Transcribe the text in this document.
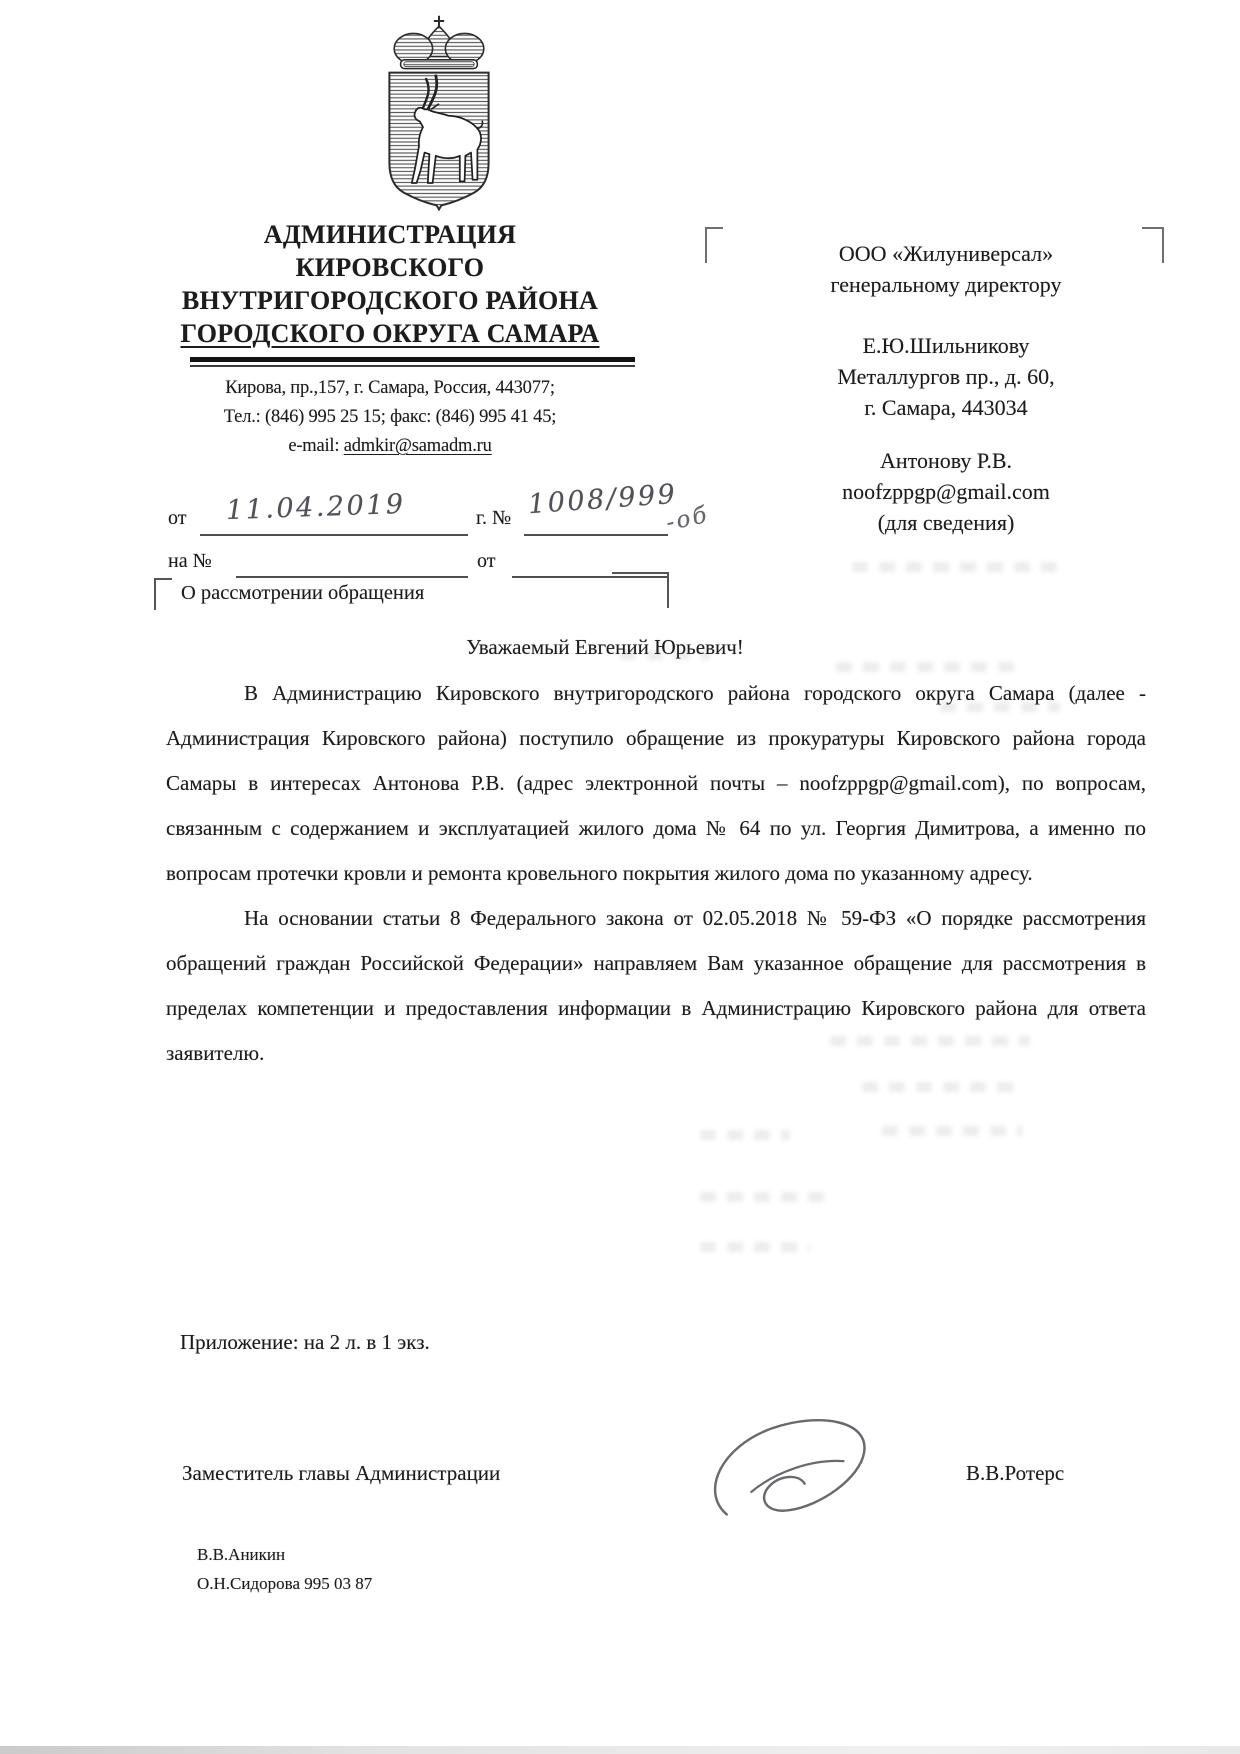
АДМИНИСТРАЦИЯ
КИРОВСКОГО
ВНУТРИГОРОДСКОГО РАЙОНА
ГОРОДСКОГО ОКРУГА САМАРА
Кирова, пр.,157, г. Самара, Россия, 443077;
Тел.: (846) 995 25 15; факс: (846) 995 41 45;
e-mail: admkir@samadm.ru
ООО «Жилуниверсал»
генеральному директору
Е.Ю.Шильникову
Металлургов пр., д. 60,
г. Самара, 443034
Антонову Р.В.
noofzppgp@gmail.com
(для сведения)
от 11.04.2019	г. № 1008/999
-об
на №	от
О рассмотрении обращения
Уважаемый Евгений Юрьевич!

В Администрацию Кировского внутригородского района городского округа Самара (далее - Администрация Кировского района) поступило обращение из прокуратуры Кировского района города Самары в интересах Антонова Р.В. (адрес электронной почты – noofzppgp@gmail.com), по вопросам, связанным с содержанием и эксплуатацией жилого дома № 64 по ул. Георгия Димитрова, а именно по вопросам протечки кровли и ремонта кровельного покрытия жилого дома по указанному адресу.

На основании статьи 8 Федерального закона от 02.05.2018 № 59-ФЗ «О порядке рассмотрения обращений граждан Российской Федерации» направляем Вам указанное обращение для рассмотрения в пределах компетенции и предоставления информации в Администрацию Кировского района для ответа заявителю.

Приложение: на 2 л. в 1 экз.
Заместитель главы Администрации	В.В.Ротерс
В.В.Аникин
О.Н.Сидорова 995 03 87
